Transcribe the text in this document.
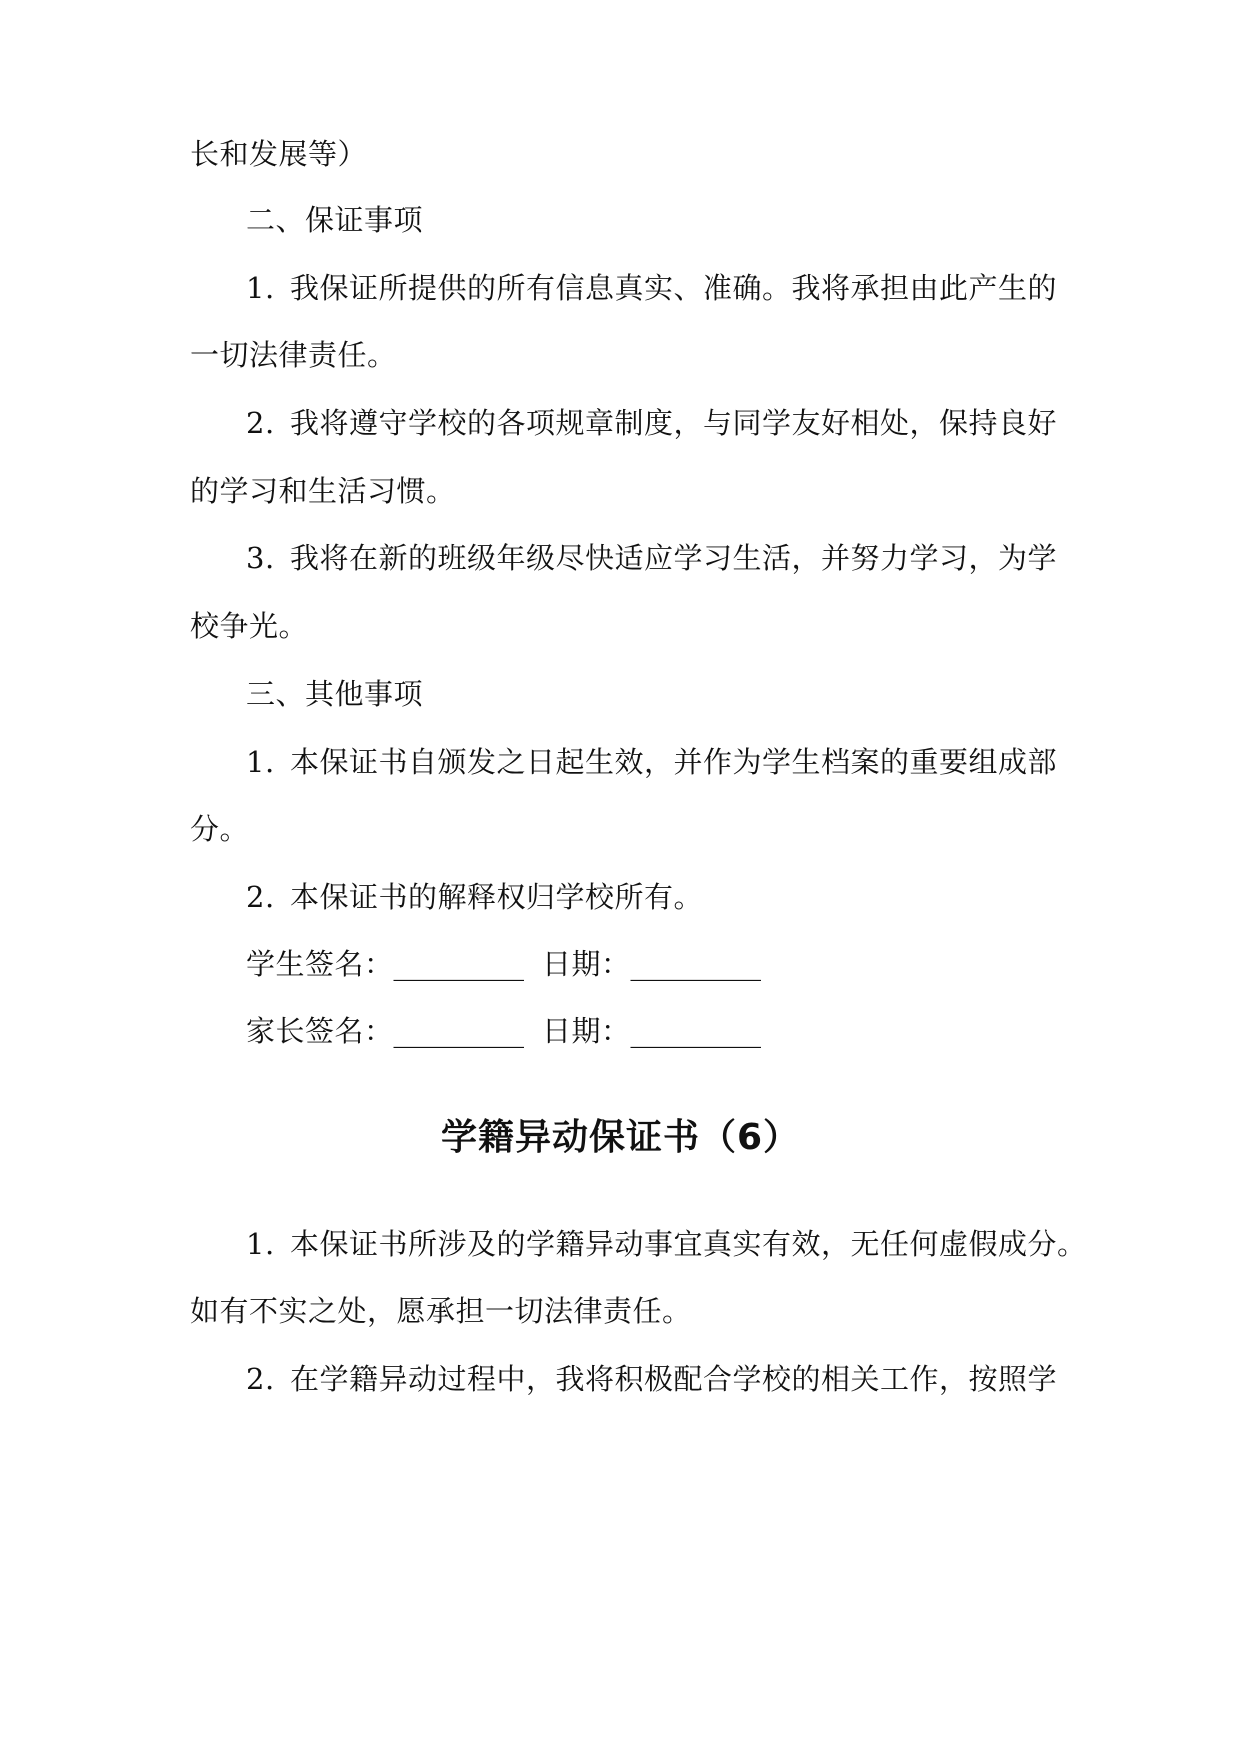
长和发展等）
二、保证事项
1. 我保证所提供的所有信息真实、准确。我将承担由此产生的
一切法律责任。
2. 我将遵守学校的各项规章制度，与同学友好相处，保持良好
的学习和生活习惯。
3. 我将在新的班级年级尽快适应学习生活，并努力学习，为学
校争光。
三、其他事项
1. 本保证书自颁发之日起生效，并作为学生档案的重要组成部
分。
2. 本保证书的解释权归学校所有。
学生签名：_________ 日期：_________
家长签名：_________ 日期：_________
学籍异动保证书（6）
1. 本保证书所涉及的学籍异动事宜真实有效，无任何虚假成分。
如有不实之处，愿承担一切法律责任。
2. 在学籍异动过程中，我将积极配合学校的相关工作，按照学
